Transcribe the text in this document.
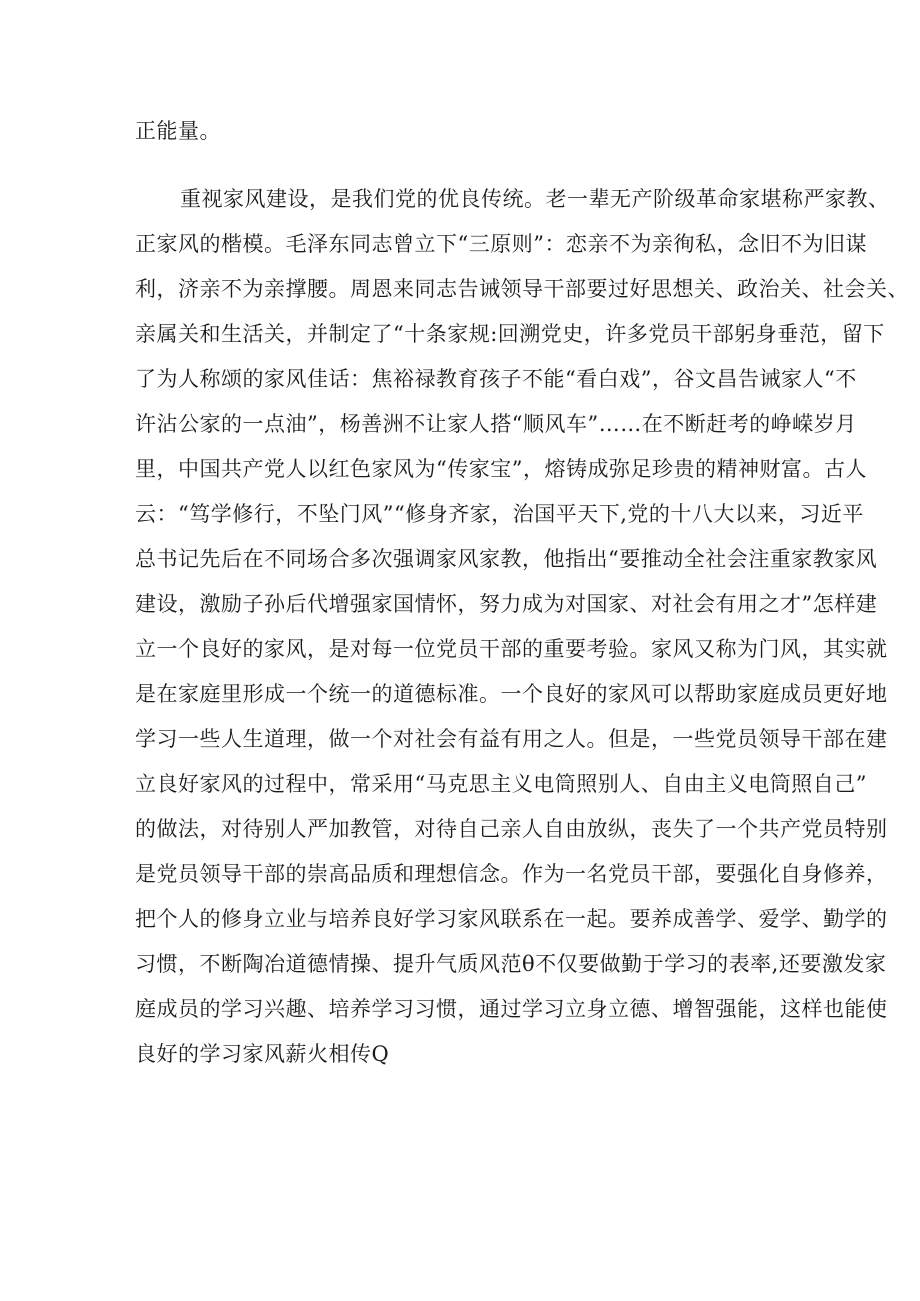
正能量。
重视家风建设，是我们党的优良传统。老一辈无产阶级革命家堪称严家教、
正家风的楷模。毛泽东同志曾立下“三原则”：恋亲不为亲徇私，念旧不为旧谋
利，济亲不为亲撑腰。周恩来同志告诫领导干部要过好思想关、政治关、社会关、
亲属关和生活关，并制定了“十条家规:回溯党史，许多党员干部躬身垂范，留下
了为人称颂的家风佳话：焦裕禄教育孩子不能“看白戏”，谷文昌告诫家人“不
许沾公家的一点油”，杨善洲不让家人搭“顺风车”……在不断赶考的峥嵘岁月
里，中国共产党人以红色家风为“传家宝”，熔铸成弥足珍贵的精神财富。古人
云：“笃学修行，不坠门风”“修身齐家，治国平天下,党的十八大以来，习近平
总书记先后在不同场合多次强调家风家教，他指出“要推动全社会注重家教家风
建设，激励子孙后代增强家国情怀，努力成为对国家、对社会有用之才”怎样建
立一个良好的家风，是对每一位党员干部的重要考验。家风又称为门风，其实就
是在家庭里形成一个统一的道德标准。一个良好的家风可以帮助家庭成员更好地
学习一些人生道理，做一个对社会有益有用之人。但是，一些党员领导干部在建
立良好家风的过程中，常采用“马克思主义电筒照别人、自由主义电筒照自己”
的做法，对待别人严加教管，对待自己亲人自由放纵，丧失了一个共产党员特别
是党员领导干部的崇高品质和理想信念。作为一名党员干部，要强化自身修养，
把个人的修身立业与培养良好学习家风联系在一起。要养成善学、爱学、勤学的
习惯，不断陶冶道德情操、提升气质风范θ不仅要做勤于学习的表率,还要激发家
庭成员的学习兴趣、培养学习习惯，通过学习立身立德、增智强能，这样也能使
良好的学习家风薪火相传Q
